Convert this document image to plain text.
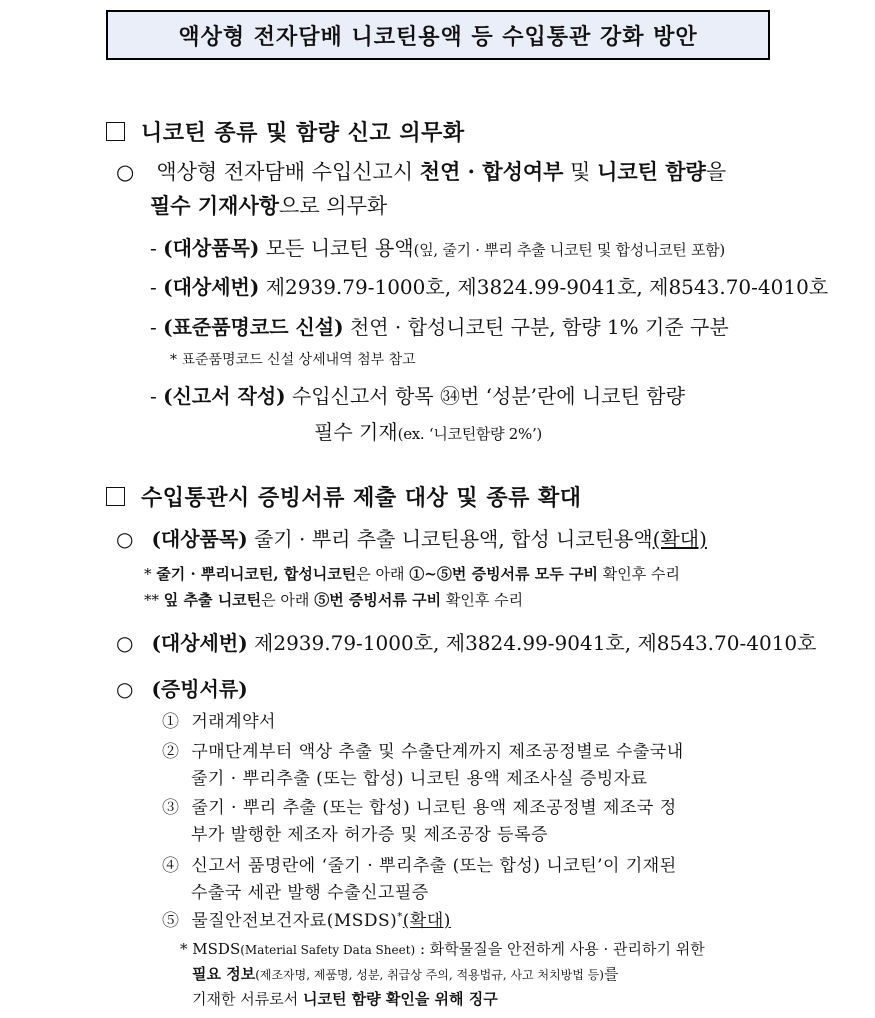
액상형 전자담배 니코틴용액 등 수입통관 강화 방안
니코틴 종류 및 함량 신고 의무화
○ 액상형 전자담배 수입신고시 천연 · 합성여부 및 니코틴 함량을
필수 기재사항으로 의무화
- (대상품목) 모든 니코틴 용액(잎, 줄기 · 뿌리 추출 니코틴 및 합성니코틴 포함)
- (대상세번) 제2939.79-1000호, 제3824.99-9041호, 제8543.70-4010호
- (표준품명코드 신설) 천연 · 합성니코틴 구분, 함량 1% 기준 구분
* 표준품명코드 신설 상세내역 첨부 참고
- (신고서 작성) 수입신고서 항목 ㉞번 ‘성분’란에 니코틴 함량
필수 기재(ex. ‘니코틴함량 2%’)
수입통관시 증빙서류 제출 대상 및 종류 확대
○ (대상품목) 줄기 · 뿌리 추출 니코틴용액, 합성 니코틴용액(확대)
* 줄기 · 뿌리니코틴, 합성니코틴은 아래 ①~⑤번 증빙서류 모두 구비 확인후 수리
** 잎 추출 니코틴은 아래 ⑤번 증빙서류 구비 확인후 수리
○ (대상세번) 제2939.79-1000호, 제3824.99-9041호, 제8543.70-4010호
○ (증빙서류)
① 거래계약서
② 구매단계부터 액상 추출 및 수출단계까지 제조공정별로 수출국내
줄기 · 뿌리추출 (또는 합성) 니코틴 용액 제조사실 증빙자료
③ 줄기 · 뿌리 추출 (또는 합성) 니코틴 용액 제조공정별 제조국 정
부가 발행한 제조자 허가증 및 제조공장 등록증
④ 신고서 품명란에 ‘줄기 · 뿌리추출 (또는 합성) 니코틴’이 기재된
수출국 세관 발행 수출신고필증
⑤ 물질안전보건자료(MSDS)*(확대)
* MSDS(Material Safety Data Sheet) : 화학물질을 안전하게 사용 · 관리하기 위한
필요 정보(제조자명, 제품명, 성분, 취급상 주의, 적용법규, 사고 처치방법 등)를
기재한 서류로서 니코틴 함량 확인을 위해 징구
